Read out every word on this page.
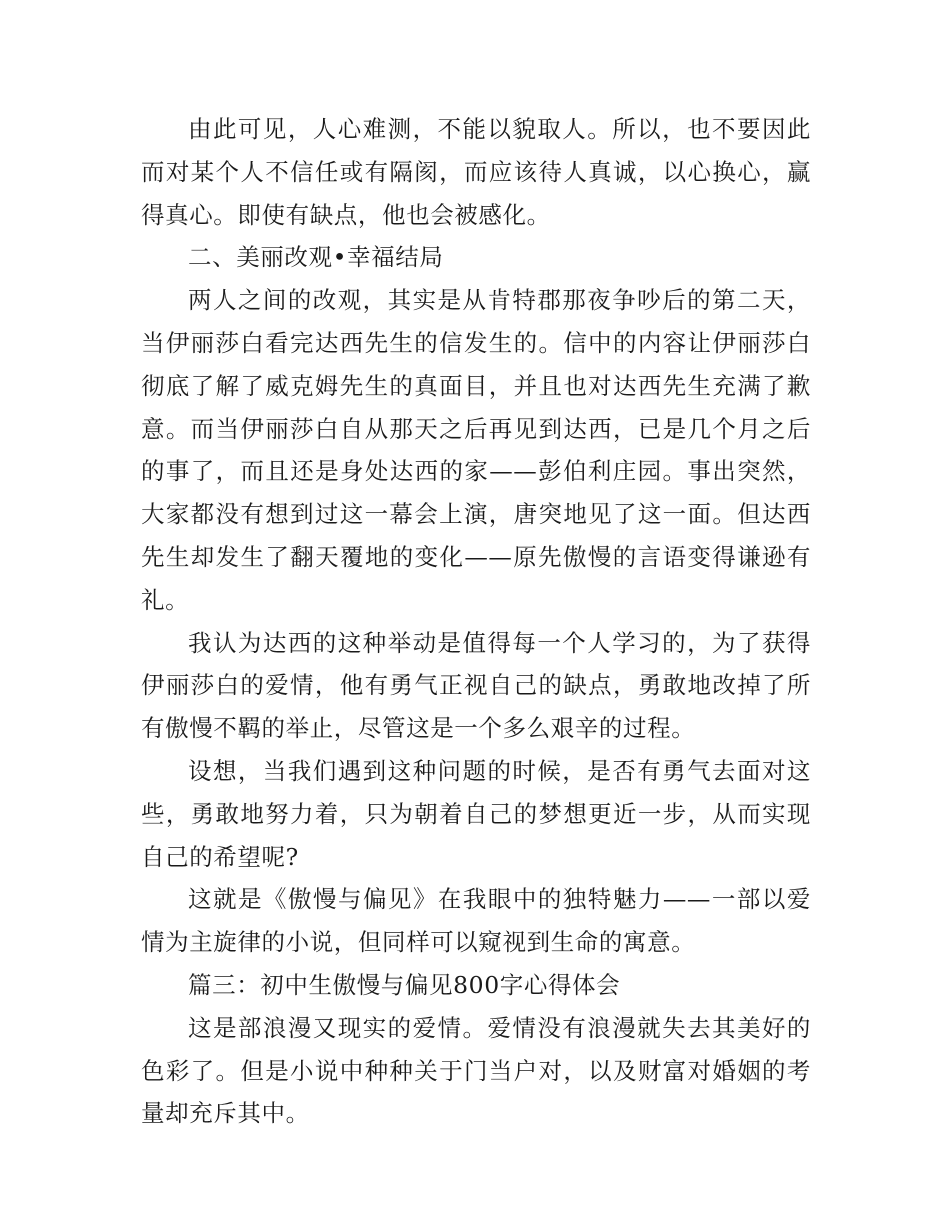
由此可见，人心难测，不能以貌取人。所以，也不要因此而对某个人不信任或有隔阂，而应该待人真诚，以心换心，赢得真心。即使有缺点，他也会被感化。

二、美丽改观•幸福结局

两人之间的改观，其实是从肯特郡那夜争吵后的第二天，当伊丽莎白看完达西先生的信发生的。信中的内容让伊丽莎白彻底了解了威克姆先生的真面目，并且也对达西先生充满了歉意。而当伊丽莎白自从那天之后再见到达西，已是几个月之后的事了，而且还是身处达西的家——彭伯利庄园。事出突然，大家都没有想到过这一幕会上演，唐突地见了这一面。但达西先生却发生了翻天覆地的变化——原先傲慢的言语变得谦逊有礼。

我认为达西的这种举动是值得每一个人学习的，为了获得伊丽莎白的爱情，他有勇气正视自己的缺点，勇敢地改掉了所有傲慢不羁的举止，尽管这是一个多么艰辛的过程。

设想，当我们遇到这种问题的时候，是否有勇气去面对这些，勇敢地努力着，只为朝着自己的梦想更近一步，从而实现自己的希望呢?

这就是《傲慢与偏见》在我眼中的独特魅力——一部以爱情为主旋律的小说，但同样可以窥视到生命的寓意。

篇三：初中生傲慢与偏见800字心得体会

这是部浪漫又现实的爱情。爱情没有浪漫就失去其美好的色彩了。但是小说中种种关于门当户对，以及财富对婚姻的考量却充斥其中。
